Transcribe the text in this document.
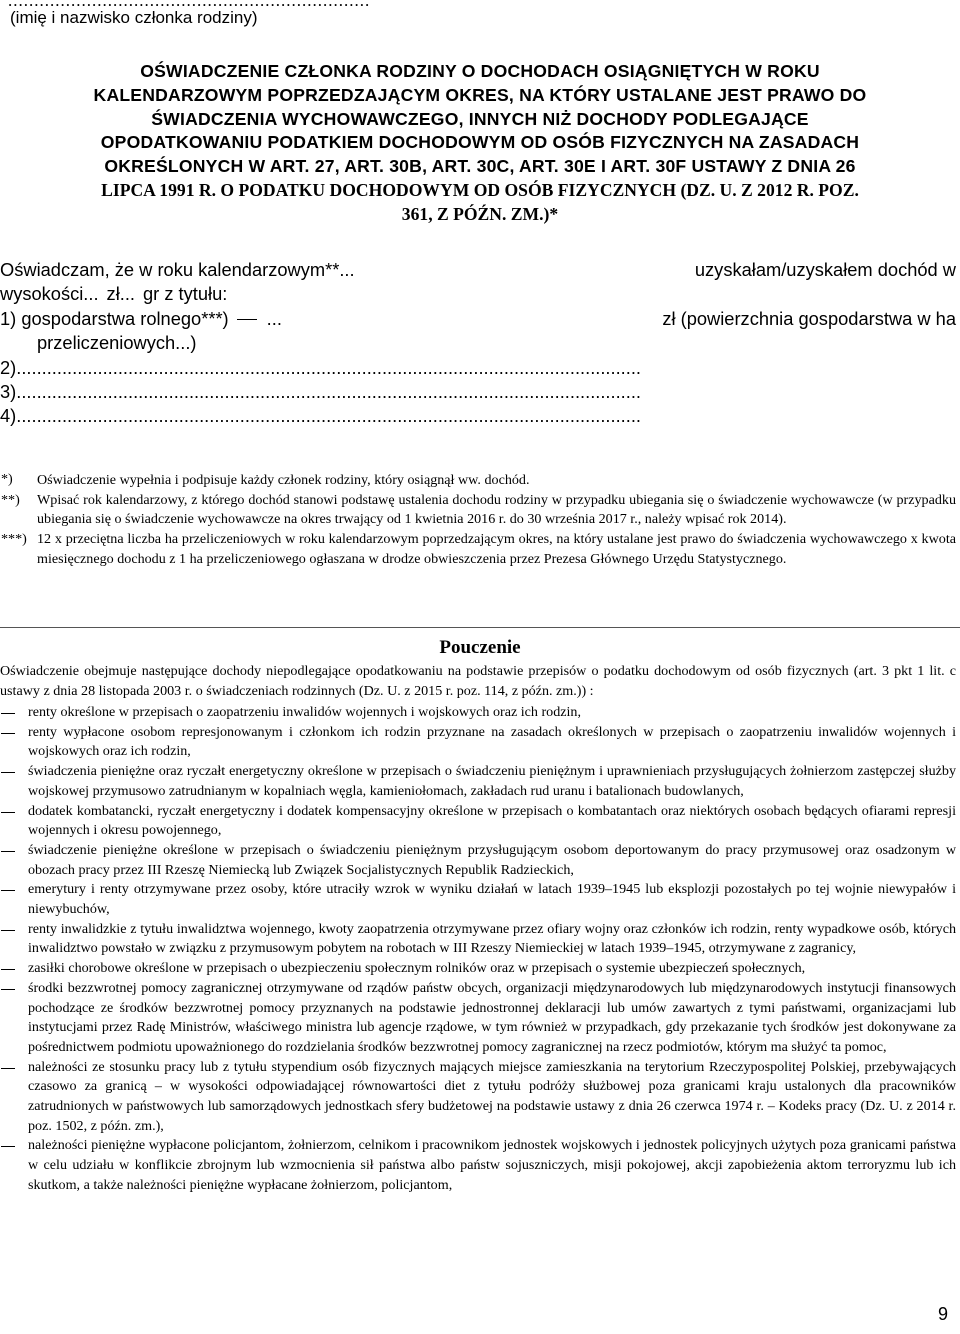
.....................................................................
(imię i nazwisko członka rodziny)
OŚWIADCZENIE CZŁONKA RODZINY O DOCHODACH OSIĄGNIĘTYCH W ROKU
KALENDARZOWYM POPRZEDZAJĄCYM OKRES, NA KTÓRY USTALANE JEST PRAWO DO
ŚWIADCZENIA WYCHOWAWCZEGO, INNYCH NIŻ DOCHODY PODLEGAJĄCE
OPODATKOWANIU PODATKIEM DOCHODOWYM OD OSÓB FIZYCZNYCH NA ZASADACH
OKREŚLONYCH W ART. 27, ART. 30B, ART. 30C, ART. 30E I ART. 30F USTAWY Z DNIA 26
LIPCA 1991 R. O PODATKU DOCHODOWYM OD OSÓB FIZYCZNYCH (DZ. U. Z 2012 R. POZ.
361, Z PÓŹN. ZM.)*
Oświadczam, że w roku kalendarzowym**...	uzyskałam/uzyskałem dochód w
wysokości... zł... gr z tytułu:
1) gospodarstwa rolnego***) ...	zł (powierzchnia gospodarstwa w ha
przeliczeniowych...)
2)...........................................................................................................................
3)...........................................................................................................................
4)...........................................................................................................................
*)	Oświadczenie wypełnia i podpisuje każdy członek rodziny, który osiągnął ww. dochód.
**)	Wpisać rok kalendarzowy, z którego dochód stanowi podstawę ustalenia dochodu rodziny w przypadku ubiegania się o świadczenie wychowawcze (w przypadku ubiegania się o świadczenie wychowawcze na okres trwający od 1 kwietnia 2016 r. do 30 września 2017 r., należy wpisać rok 2014).
***) 12 x przeciętna liczba ha przeliczeniowych w roku kalendarzowym poprzedzającym okres, na który ustalane jest prawo do świadczenia wychowawczego x kwota miesięcznego dochodu z 1 ha przeliczeniowego ogłaszana w drodze obwieszczenia przez Prezesa Głównego Urzędu Statystycznego.
Pouczenie
Oświadczenie obejmuje następujące dochody niepodlegające opodatkowaniu na podstawie przepisów o podatku dochodowym od osób fizycznych (art. 3 pkt 1 lit. c ustawy z dnia 28 listopada 2003 r. o świadczeniach rodzinnych (Dz. U. z 2015 r. poz. 114, z późn. zm.)) :
renty określone w przepisach o zaopatrzeniu inwalidów wojennych i wojskowych oraz ich rodzin,
renty wypłacone osobom represjonowanym i członkom ich rodzin przyznane na zasadach określonych w przepisach o zaopatrzeniu inwalidów wojennych i wojskowych oraz ich rodzin,
świadczenia pieniężne oraz ryczałt energetyczny określone w przepisach o świadczeniu pieniężnym i uprawnieniach przysługujących żołnierzom zastępczej służby wojskowej przymusowo zatrudnianym w kopalniach węgla, kamieniołomach, zakładach rud uranu i batalionach budowlanych,
dodatek kombatancki, ryczałt energetyczny i dodatek kompensacyjny określone w przepisach o kombatantach oraz niektórych osobach będących ofiarami represji wojennych i okresu powojennego,
świadczenie pieniężne określone w przepisach o świadczeniu pieniężnym przysługującym osobom deportowanym do pracy przymusowej oraz osadzonym w obozach pracy przez III Rzeszę Niemiecką lub Związek Socjalistycznych Republik Radzieckich,
emerytury i renty otrzymywane przez osoby, które utraciły wzrok w wyniku działań w latach 1939–1945 lub eksplozji pozostałych po tej wojnie niewypałów i niewybuchów,
renty inwalidzkie z tytułu inwalidztwa wojennego, kwoty zaopatrzenia otrzymywane przez ofiary wojny oraz członków ich rodzin, renty wypadkowe osób, których inwalidztwo powstało w związku z przymusowym pobytem na robotach w III Rzeszy Niemieckiej w latach 1939–1945, otrzymywane z zagranicy,
zasiłki chorobowe określone w przepisach o ubezpieczeniu społecznym rolników oraz w przepisach o systemie ubezpieczeń społecznych,
środki bezzwrotnej pomocy zagranicznej otrzymywane od rządów państw obcych, organizacji międzynarodowych lub międzynarodowych instytucji finansowych pochodzące ze środków bezzwrotnej pomocy przyznanych na podstawie jednostronnej deklaracji lub umów zawartych z tymi państwami, organizacjami lub instytucjami przez Radę Ministrów, właściwego ministra lub agencje rządowe, w tym również w przypadkach, gdy przekazanie tych środków jest dokonywane za pośrednictwem podmiotu upoważnionego do rozdzielania środków bezzwrotnej pomocy zagranicznej na rzecz podmiotów, którym ma służyć ta pomoc,
należności ze stosunku pracy lub z tytułu stypendium osób fizycznych mających miejsce zamieszkania na terytorium Rzeczypospolitej Polskiej, przebywających czasowo za granicą – w wysokości odpowiadającej równowartości diet z tytułu podróży służbowej poza granicami kraju ustalonych dla pracowników zatrudnionych w państwowych lub samorządowych jednostkach sfery budżetowej na podstawie ustawy z dnia 26 czerwca 1974 r. – Kodeks pracy (Dz. U. z 2014 r. poz. 1502, z późn. zm.),
należności pieniężne wypłacone policjantom, żołnierzom, celnikom i pracownikom jednostek wojskowych i jednostek policyjnych użytych poza granicami państwa w celu udziału w konflikcie zbrojnym lub wzmocnienia sił państwa albo państw sojuszniczych, misji pokojowej, akcji zapobieżenia aktom terroryzmu lub ich skutkom, a także należności pieniężne wypłacane żołnierzom, policjantom,
9
